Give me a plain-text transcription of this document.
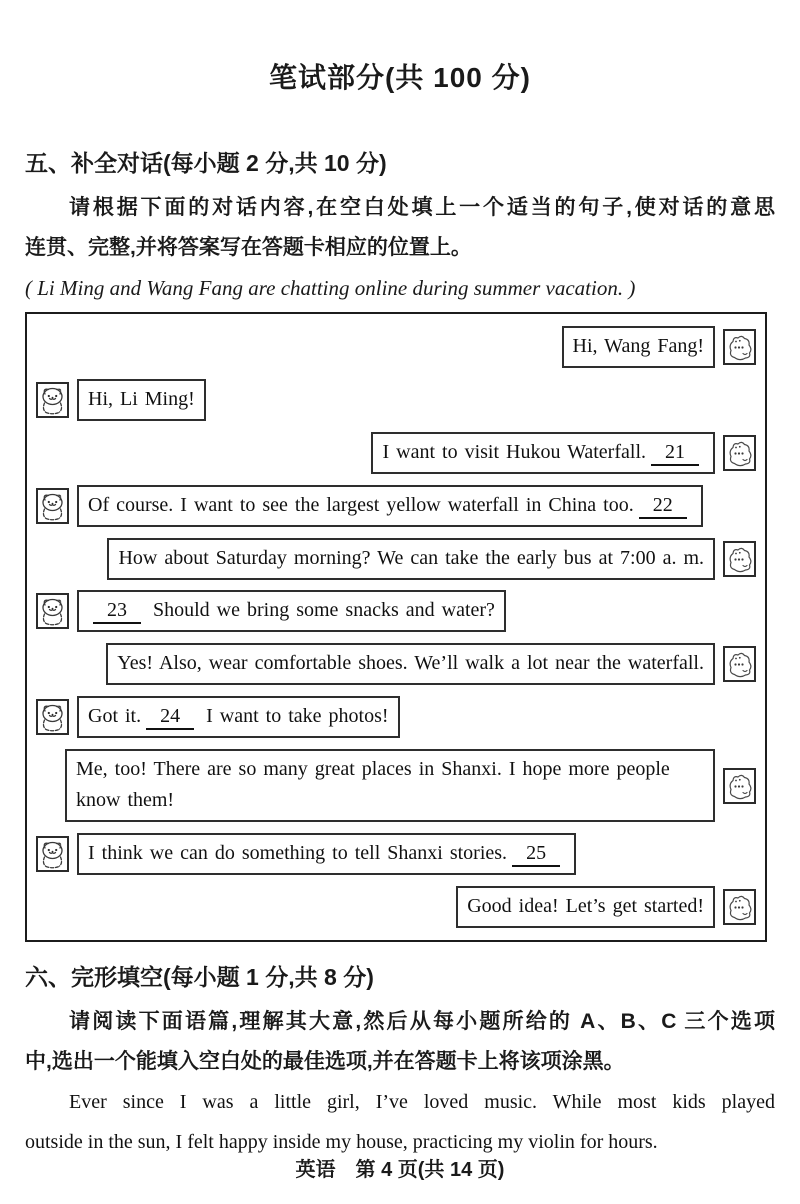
笔试部分(共 100 分)
五、补全对话(每小题 2 分,共 10 分)
请根据下面的对话内容,在空白处填上一个适当的句子,使对话的意思
连贯、完整,并将答案写在答题卡相应的位置上。
( Li Ming and Wang Fang are chatting online during summer vacation. )
Hi, Wang Fang!
Hi, Li Ming!
I want to visit Hukou Waterfall. 21
Of course. I want to see the largest yellow waterfall in China too. 22
How about Saturday morning? We can take the early bus at 7:00 a. m.
23 Should we bring some snacks and water?
Yes! Also, wear comfortable shoes. We’ll walk a lot near the waterfall.
Got it. 24 I want to take photos!
Me, too! There are so many great places in Shanxi. I hope more people know them!
I think we can do something to tell Shanxi stories. 25
Good idea! Let’s get started!
六、完形填空(每小题 1 分,共 8 分)
请阅读下面语篇,理解其大意,然后从每小题所给的 A、B、C 三个选项
中,选出一个能填入空白处的最佳选项,并在答题卡上将该项涂黑。
Ever since I was a little girl, I’ve loved music. While most kids played
outside in the sun, I felt happy inside my house, practicing my violin for hours.
英语　第 4 页(共 14 页)
